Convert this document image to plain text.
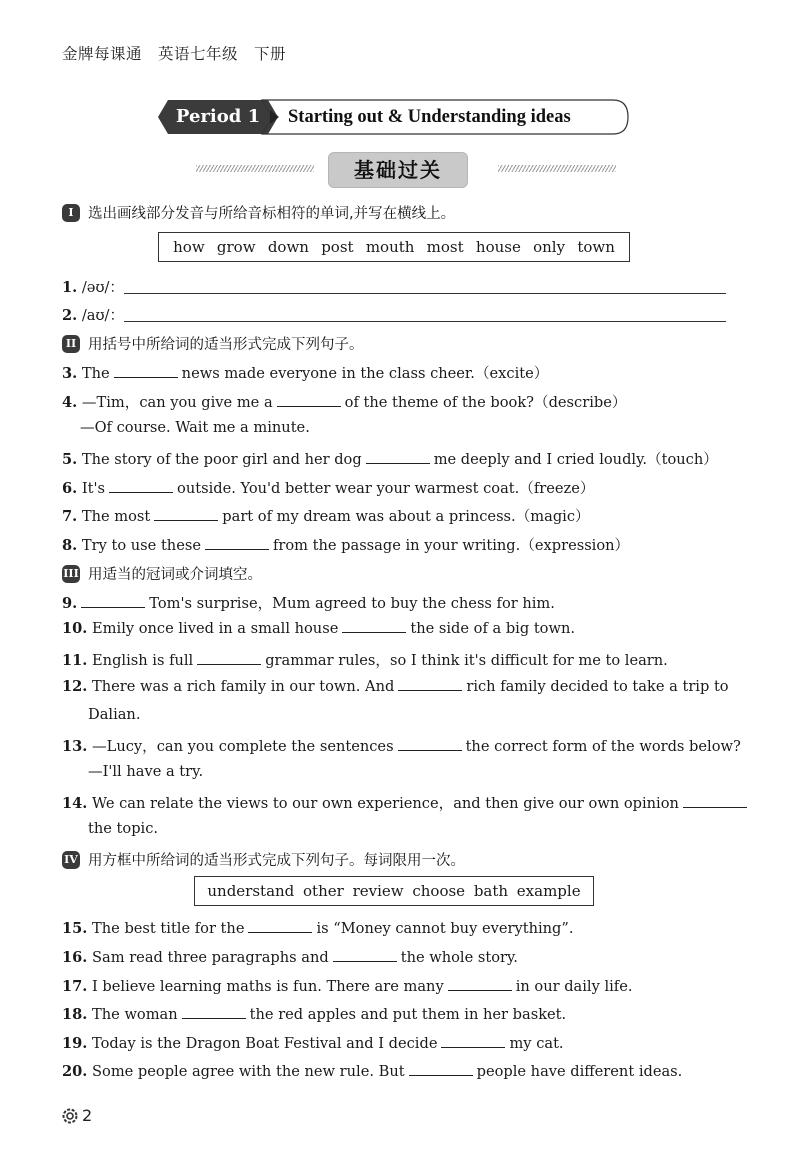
金牌每课通　英语七年级　下册
Period 1 Starting out & Understanding ideas
基础过关
I 选出画线部分发音与所给音标相符的单词,并写在横线上。
how grow down post mouth most house only town
1. /əʊ/：
2. /aʊ/：
II 用括号中所给词的适当形式完成下列句子。
3. The	news made everyone in the class cheer.（excite）
4. —Tim，can you give me a	of the theme of the book?（describe）
—Of course. Wait me a minute.
5. The story of the poor girl and her dog	me deeply and I cried loudly.（touch）
6. It's	outside. You'd better wear your warmest coat.（freeze）
7. The most	part of my dream was about a princess.（magic）
8. Try to use these	from the passage in your writing.（expression）
III 用适当的冠词或介词填空。
9.	Tom's surprise，Mum agreed to buy the chess for him.
10. Emily once lived in a small house	the side of a big town.
11. English is full	grammar rules，so I think it's difficult for me to learn.
12. There was a rich family in our town. And	rich family decided to take a trip to
Dalian.
13. —Lucy，can you complete the sentences	the correct form of the words below?
—I'll have a try.
14. We can relate the views to our own experience，and then give our own opinion
the topic.
IV 用方框中所给词的适当形式完成下列句子。每词限用一次。
understand other review choose bath example
15. The best title for the	is “Money cannot buy everything”.
16. Sam read three paragraphs and	the whole story.
17. I believe learning maths is fun. There are many	in our daily life.
18. The woman	the red apples and put them in her basket.
19. Today is the Dragon Boat Festival and I decide	my cat.
20. Some people agree with the new rule. But	people have different ideas.
2
